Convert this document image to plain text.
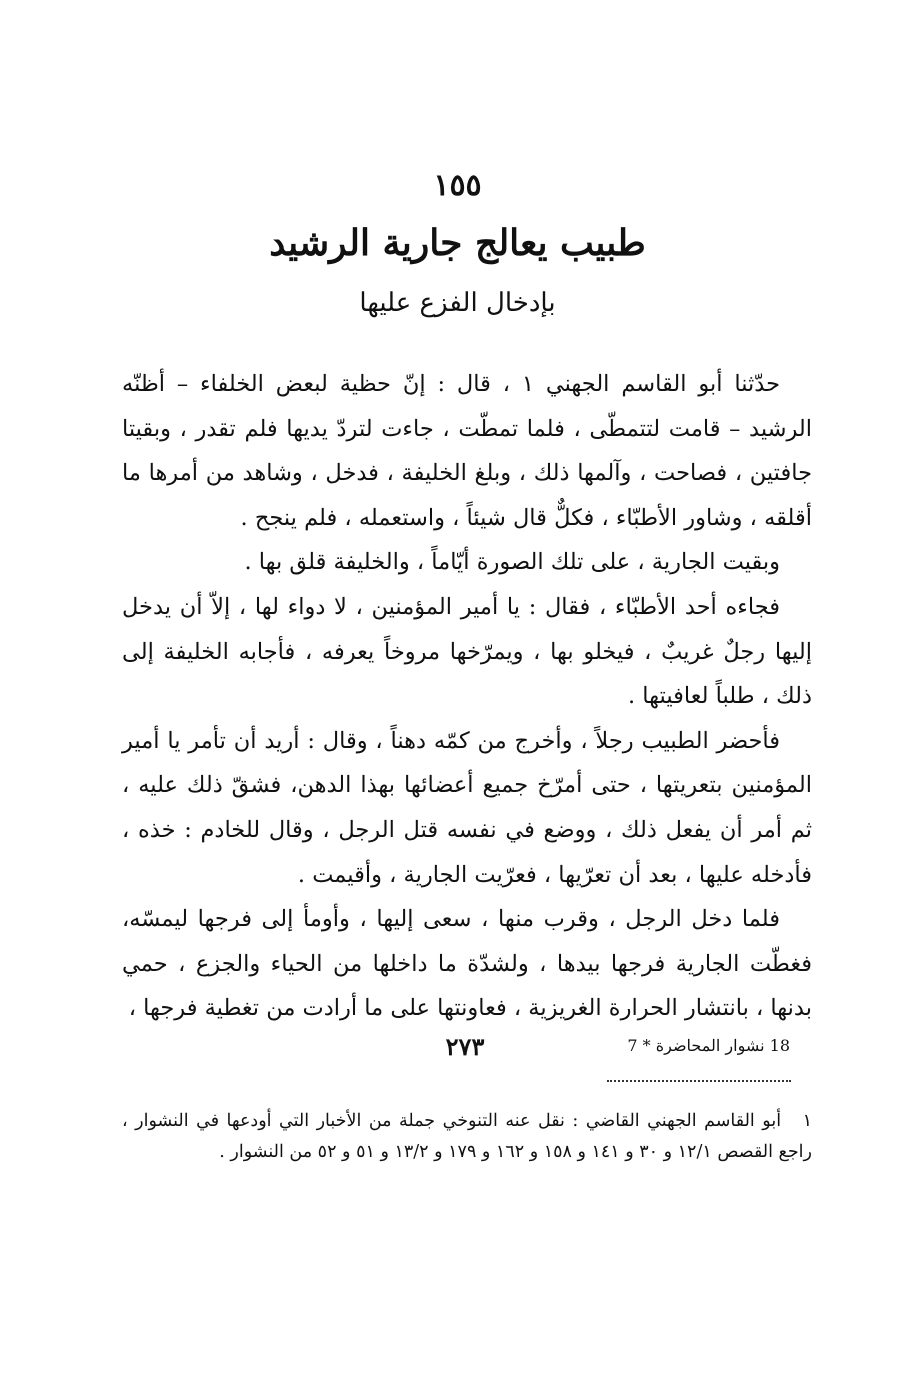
١٥٥
طبيب يعالج جارية الرشيد
بإدخال الفزع عليها

حدّثنا أبو القاسم الجهني ١ ، قال : إنّ حظية لبعض الخلفاء – أظنّه الرشيد – قامت لتتمطّى ، فلما تمطّت ، جاءت لتردّ يديها فلم تقدر ، وبقيتا جافتين ، فصاحت ، وآلمها ذلك ، وبلغ الخليفة ، فدخل ، وشاهد من أمرها ما أقلقه ، وشاور الأطبّاء ، فكلٌّ قال شيئاً ، واستعمله ، فلم ينجح .

وبقيت الجارية ، على تلك الصورة أيّاماً ، والخليفة قلق بها .

فجاءه أحد الأطبّاء ، فقال : يا أمير المؤمنين ، لا دواء لها ، إلاّ أن يدخل إليها رجلٌ غريبٌ ، فيخلو بها ، ويمرّخها مروخاً يعرفه ، فأجابه الخليفة إلى ذلك ، طلباً لعافيتها .

فأحضر الطبيب رجلاً ، وأخرج من كمّه دهناً ، وقال : أريد أن تأمر يا أمير المؤمنين بتعريتها ، حتى أمرّخ جميع أعضائها بهذا الدهن، فشقّ ذلك عليه ، ثم أمر أن يفعل ذلك ، ووضع في نفسه قتل الرجل ، وقال للخادم : خذه ، فأدخله عليها ، بعد أن تعرّيها ، فعرّيت الجارية ، وأقيمت .

فلما دخل الرجل ، وقرب منها ، سعى إليها ، وأومأ إلى فرجها ليمسّه، فغطّت الجارية فرجها بيدها ، ولشدّة ما داخلها من الحياء والجزع ، حمي بدنها ، بانتشار الحرارة الغريزية ، فعاونتها على ما أرادت من تغطية فرجها ،

١ أبو القاسم الجهني القاضي : نقل عنه التنوخي جملة من الأخبار التي أودعها في النشوار ، راجع القصص ١٢/١ و ٣٠ و ١٤١ و ١٥٨ و ١٦٢ و ١٧٩ و ١٣/٢ و ٥١ و ٥٢ من النشوار .

٢٧٣	18 نشوار المحاضرة * 7
